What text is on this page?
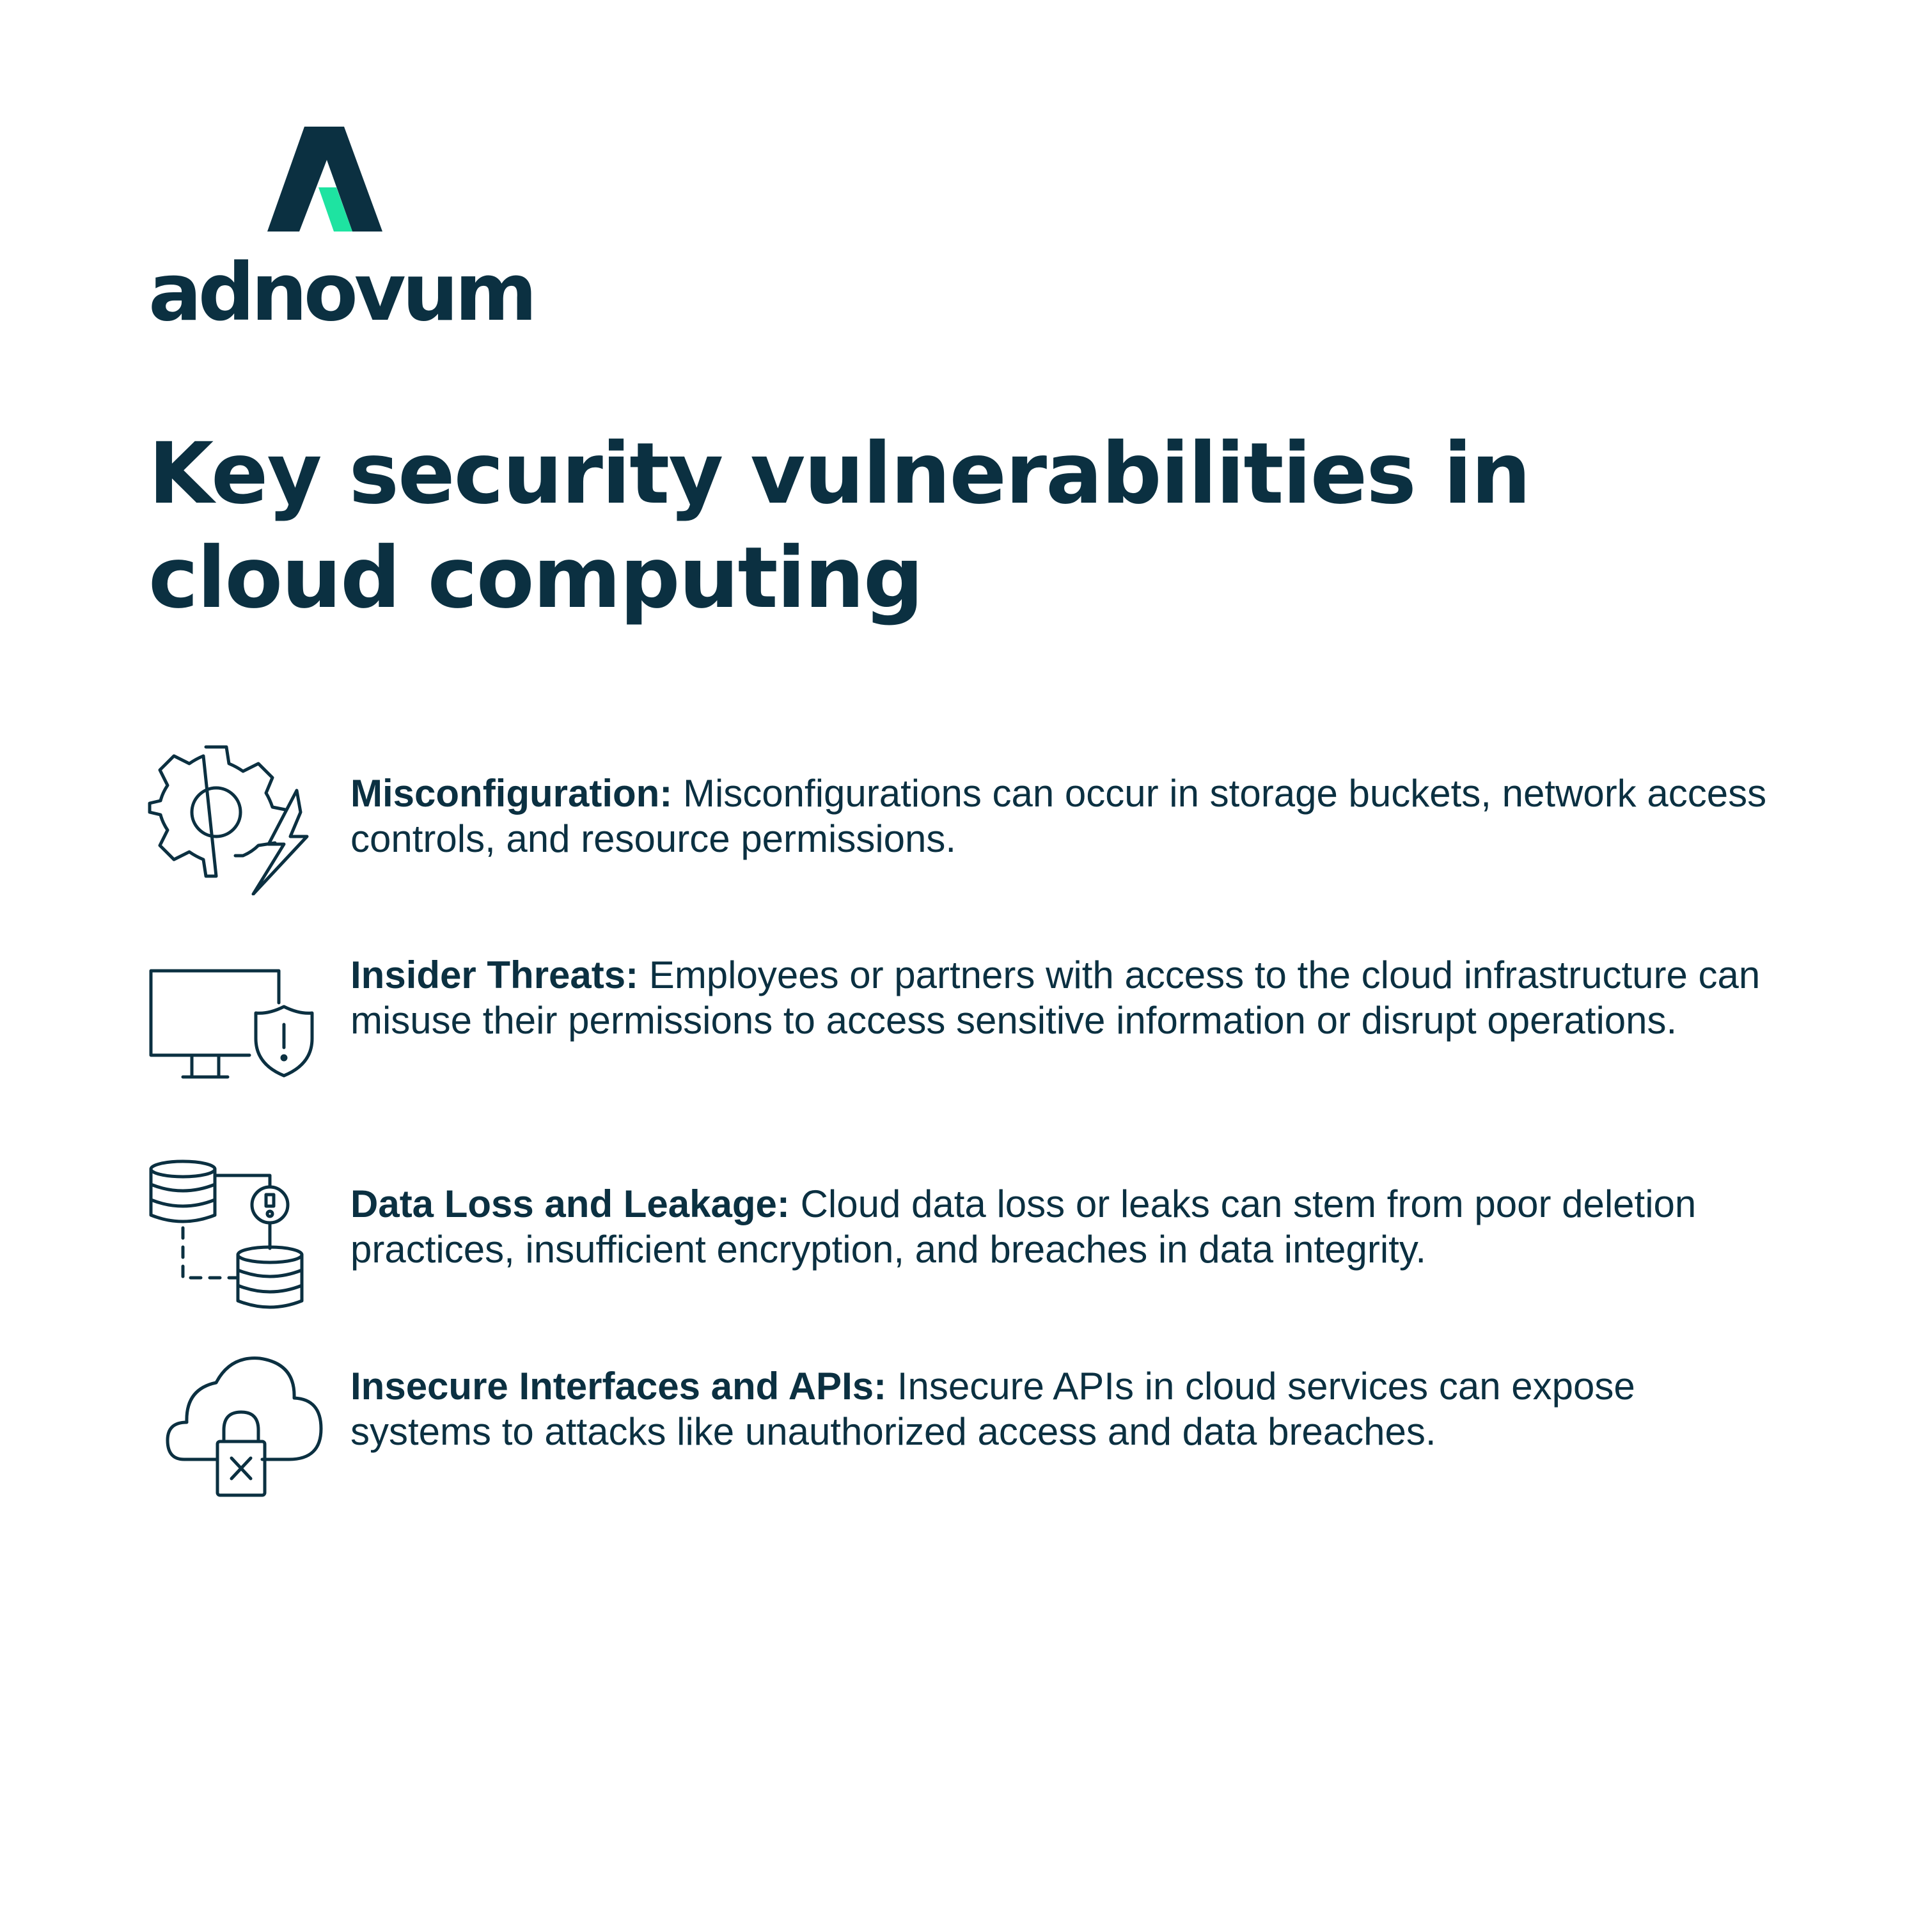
adnovum
Key security vulnerabilities in
cloud computing

Misconfiguration: Misconfigurations can occur in storage buckets, network access controls, and resource permissions.

Insider Threats: Employees or partners with access to the cloud infrastructure can misuse their permissions to access sensitive information or disrupt operations.

Data Loss and Leakage: Cloud data loss or leaks can stem from poor deletion practices, insufficient encryption, and breaches in data integrity.

Insecure Interfaces and APIs: Insecure APIs in cloud services can expose systems to attacks like unauthorized access and data breaches.
